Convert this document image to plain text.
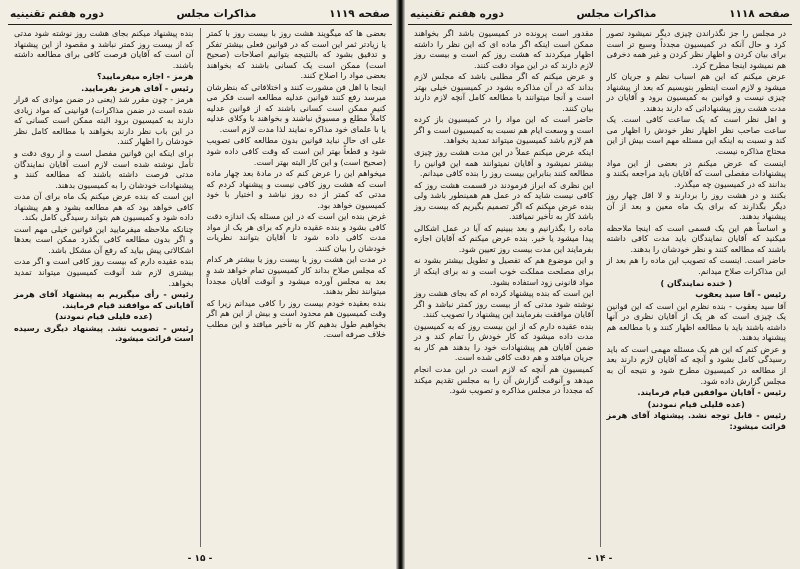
صفحه ۱۱۱۹
مذاکرات مجلس
دوره هفتم تقنینیه

بعضی ها که میگویند هشت روز با بیست روز با کمتر یا زیادتر ثمر این است که در قوانین فعلی بیشتر تفکر و تدقیق بشود که بالنتیجه بتوانیم اصلاحات (صحیح است) ممکن است یک کسانی باشند که بخواهند بعضی مواد را اصلاح کنند.

اینجا با اهل فن مشورت کنند و اختلافاتی که بنظرشان میرسد رفع کنند قوانین عدلیه مطالعه است فکر می کنیم ممکن است کسانی باشند که از قوانین عدلیه کاملاً مطلع و مسبوق نباشند و بخواهند با وکلای عدلیه یا با علمای خود مذاکره نمایند لذا مدت لازم است.

علی ای حال نباید قوانین بدون مطالعه کافی تصویب شود و قطعاً بهتر این است که وقت کافی داده شود (صحیح است) و این کار البته بهتر است.

میخواهم این را عرض کنم که در مادهٔ بعد چهار ماده است که هشت روز کافی نیست و پیشنهاد کردم که مدتی که کمتر از ده روز نباشد و اختیار با خود کمیسیون خواهد بود.

غرض بنده این است که در این مسئله یک اندازه دقت کافی بشود و بنده عقیده دارم که برای هر یک از مواد مدت کافی داده شود تا آقایان بتوانند نظریات خودشان را بیان کنند.

در مدت این هشت روز یا بیست روز یا بیشتر هر کدام که مجلس صلاح بداند کار کمیسیون تمام خواهد شد و بعد به مجلس آورده میشود و آنوقت آقایان مجدداً میتوانند نظر بدهند.

بنده بعقیده خودم بیست روز را کافی میدانم زیرا که وقت کمیسیون هم محدود است و بیش از این هم اگر بخواهیم طول بدهیم کار به تأخیر میافتد و این مطلب خلاف صرفه است.

بنده پیشنهاد میکنم بجای هشت روز نوشته شود مدتی که از بیست روز کمتر نباشد و مقصود از این پیشنهاد آن است که آقایان فرصت کافی برای مطالعه داشته باشند.

هرمز - اجازه میفرمایید؟

رئیس - آقای هرمز بفرمایید.

هرمز - چون مقرر شد (یعنی در ضمن موادی که قرار شده است در ضمن مذاکرات) قوانینی که مواد زیادی دارند به کمیسیون برود البته ممکن است کسانی که در این باب نظر دارند بخواهند با مطالعه کامل نظر خودشان را اظهار کنند.

برای اینکه این قوانین مفصل است و از روی دقت و تأمل نوشته شده است لازم است آقایان نمایندگان مدتی فرصت داشته باشند که مطالعه کنند و پیشنهادات خودشان را به کمیسیون بدهند.

این است که بنده عرض میکنم یک ماه برای آن مدت کافی خواهد بود که هم مطالعه بشود و هم پیشنهاد داده شود و کمیسیون هم بتواند رسیدگی کامل بکند.

چنانکه ملاحظه میفرمایید این قوانین خیلی مهم است و اگر بدون مطالعه کافی بگذرد ممکن است بعدها اشکالاتی پیش بیاید که رفع آن مشکل باشد.

بنده عقیده دارم که بیست روز کافی است و اگر مدت بیشتری لازم شد آنوقت کمیسیون میتواند تمدید بخواهد.

رئیس - رأی میگیریم به پیشنهاد آقای هرمز آقایانی که موافقند قیام فرمایند.

(عده قلیلی قیام نمودند)

رئیس - تصویب نشد. پیشنهاد دیگری رسیده است قرائت میشود.

- ۱۵ -
صفحه ۱۱۱۸
مذاکرات مجلس
دوره هفتم تقنینیه

در مجلس را جز نگذراندن چیزی دیگر نمیشود تصور کرد و حال آنکه در کمیسیون مجدداً وسیع تر است برای بیان کردن و اظهار نظر کردن و غیر همه دخرفی هم نمیشود اینجا مطرح کرد.

عرض میکنم که این هم اسباب نظم و جریان کار میشود و لازم است اینطور بنویسیم که بعد از پیشنهاد چیزی نیست و قوانین به کمیسیون برود و آقایان در مدت هشت روز پیشنهاداتی که دارند بدهند.

و اهل نظر است که یک ساعت کافی است. یک ساعت صاحب نظر اظهار نظر خودش را اظهار می کند و نسبت به اینکه این مسئله مهم است بیش از این محتاج مذاکره نیست.

اینست که عرض میکنم در بعضی از این مواد پیشنهادات مفصلی است که آقایان باید مراجعه بکنند و بدانند که در کمیسیون چه میگذرد.

بکنند و در هشت روز را بردارند و لا اقل چهار روز دیگر بگذارند که برای یک ماه معین و بعد از آن پیشنهاد بدهند.

و اساساً هم این یک قسمی است که اینجا ملاحظه میکنید که آقایان نمایندگان باید مدت کافی داشته باشند که مطالعه کنند و نظر خودشان را بدهند.

حاضر است. اینست که تصویب این ماده را هم بعد از این مذاکرات صلاح میدانم.

( خنده نمایندگان )

رئیس - آقا سید یعقوب

آقا سید یعقوب - بنده نظرم این است که این قوانین یک چیزی است که هر یک از آقایان نظری در آنها داشته باشند باید با مطالعه اظهار کنند و با مطالعه هم پیشنهاد بدهند.

و عرض کنم که این هم یک مسئله مهمی است که باید رسیدگی کامل بشود و آنچه که آقایان لازم دارند بعد از مطالعه در کمیسیون مطرح شود و نتیجه آن به مجلس گزارش داده شود.

رئیس - آقایان موافقین قیام فرمایند.

(عده قلیلی قیام نمودند)

رئیس - قابل توجه نشد. پیشنهاد آقای هرمز قرائت میشود:

مقدور است پرونده در کمیسیون باشد اگر بخواهند ممکن است اینکه اگر ماده ای که این نظر را داشته اظهار میکردند که هشت روز کم است و بیست روز لازم دارند که در این مواد دقت کنند.

و عرض میکنم که اگر مطلبی باشد که مجلس لازم بداند که در آن مذاکره بشود در کمیسیون خیلی بهتر است و آنجا میتوانند با مطالعه کامل آنچه لازم دارند بیان کنند.

حاضر است که این مواد را در کمیسیون باز کرده است و وسعت ایام هم نسبت به کمیسیون است و اگر هم لازم باشد کمیسیون میتواند تمدید بخواهد.

اینکه عرض میکنم عملاً در این مدت هشت روز چیزی بیشتر نمیشود و آقایان نمیتوانند همه این قوانین را مطالعه کنند بنابراین بیست روز را بنده کافی میدانم.

این نظری که ابراز فرمودند در قسمت هشت روز که کافی نیست شاید که در عمل هم همینطور باشد ولی بنده عرض میکنم که اگر تصمیم بگیریم که بیست روز باشد کار به تأخیر نمیافتد.

ماده را بگذرانیم و بعد ببینیم که آیا در عمل اشکالی پیدا میشود یا خیر. بنده عرض میکنم که آقایان اجازه بفرمایند این مدت بیست روز تعیین شود.

و این موضوع هم که تفصیل و تطویل بیشتر بشود نه برای مصلحت مملکت خوب است و نه برای اینکه از مواد قانونی زود استفاده بشود.

این است که بنده پیشنهاد کرده ام که بجای هشت روز نوشته شود مدتی که از بیست روز کمتر نباشد و اگر آقایان موافقت بفرمایند این پیشنهاد را تصویب کنند.

بنده عقیده دارم که از این بیست روز که به کمیسیون مدت داده میشود که کار خودش را تمام کند و در ضمن آقایان هم پیشنهادات خود را بدهند هم کار به جریان میافتد و هم دقت کافی شده است.

کمیسیون هم آنچه که لازم است در این مدت انجام میدهد و آنوقت گزارش آن را به مجلس تقدیم میکند که مجدداً در مجلس مذاکره و تصویب شود.

- ۱۴ -
